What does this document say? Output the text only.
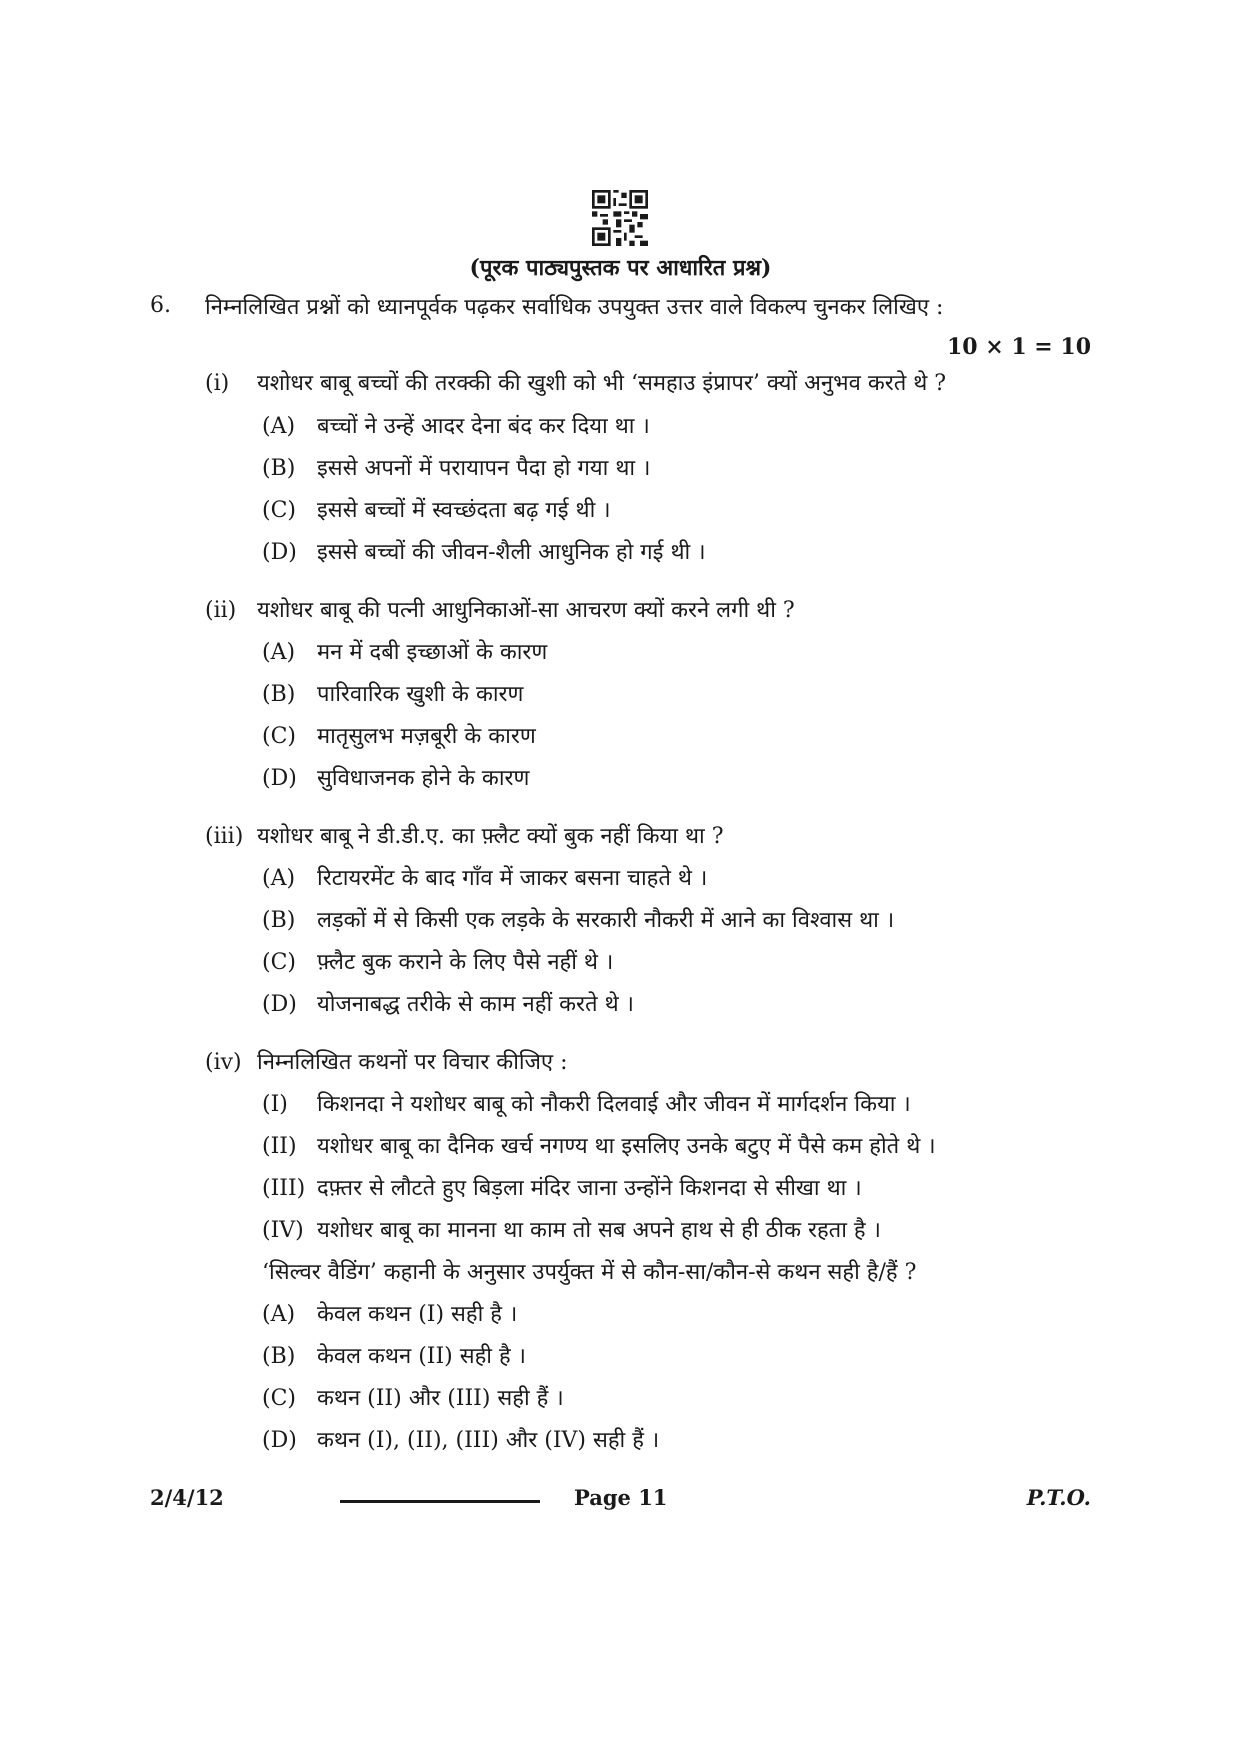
(पूरक पाठ्यपुस्तक पर आधारित प्रश्न)
6. निम्नलिखित प्रश्नों को ध्यानपूर्वक पढ़कर सर्वाधिक उपयुक्त उत्तर वाले विकल्प चुनकर लिखिए :
10 × 1 = 10
(i) यशोधर बाबू बच्चों की तरक्की की खुशी को भी ‘समहाउ इंप्रापर’ क्यों अनुभव करते थे ?
(A) बच्चों ने उन्हें आदर देना बंद कर दिया था ।
(B) इससे अपनों में परायापन पैदा हो गया था ।
(C) इससे बच्चों में स्वच्छंदता बढ़ गई थी ।
(D) इससे बच्चों की जीवन-शैली आधुनिक हो गई थी ।
(ii) यशोधर बाबू की पत्नी आधुनिकाओं-सा आचरण क्यों करने लगी थी ?
(A) मन में दबी इच्छाओं के कारण
(B) पारिवारिक खुशी के कारण
(C) मातृसुलभ मज़बूरी के कारण
(D) सुविधाजनक होने के कारण
(iii) यशोधर बाबू ने डी.डी.ए. का फ़्लैट क्यों बुक नहीं किया था ?
(A) रिटायरमेंट के बाद गाँव में जाकर बसना चाहते थे ।
(B) लड़कों में से किसी एक लड़के के सरकारी नौकरी में आने का विश्वास था ।
(C) फ़्लैट बुक कराने के लिए पैसे नहीं थे ।
(D) योजनाबद्ध तरीके से काम नहीं करते थे ।
(iv) निम्नलिखित कथनों पर विचार कीजिए :
(I) किशनदा ने यशोधर बाबू को नौकरी दिलवाई और जीवन में मार्गदर्शन किया ।
(II) यशोधर बाबू का दैनिक खर्च नगण्य था इसलिए उनके बटुए में पैसे कम होते थे ।
(III) दफ़्तर से लौटते हुए बिड़ला मंदिर जाना उन्होंने किशनदा से सीखा था ।
(IV) यशोधर बाबू का मानना था काम तो सब अपने हाथ से ही ठीक रहता है ।
‘सिल्वर वैडिंग’ कहानी के अनुसार उपर्युक्त में से कौन-सा/कौन-से कथन सही है/हैं ?
(A) केवल कथन (I) सही है ।
(B) केवल कथन (II) सही है ।
(C) कथन (II) और (III) सही हैं ।
(D) कथन (I), (II), (III) और (IV) सही हैं ।
2/4/12	Page 11	P.T.O.
